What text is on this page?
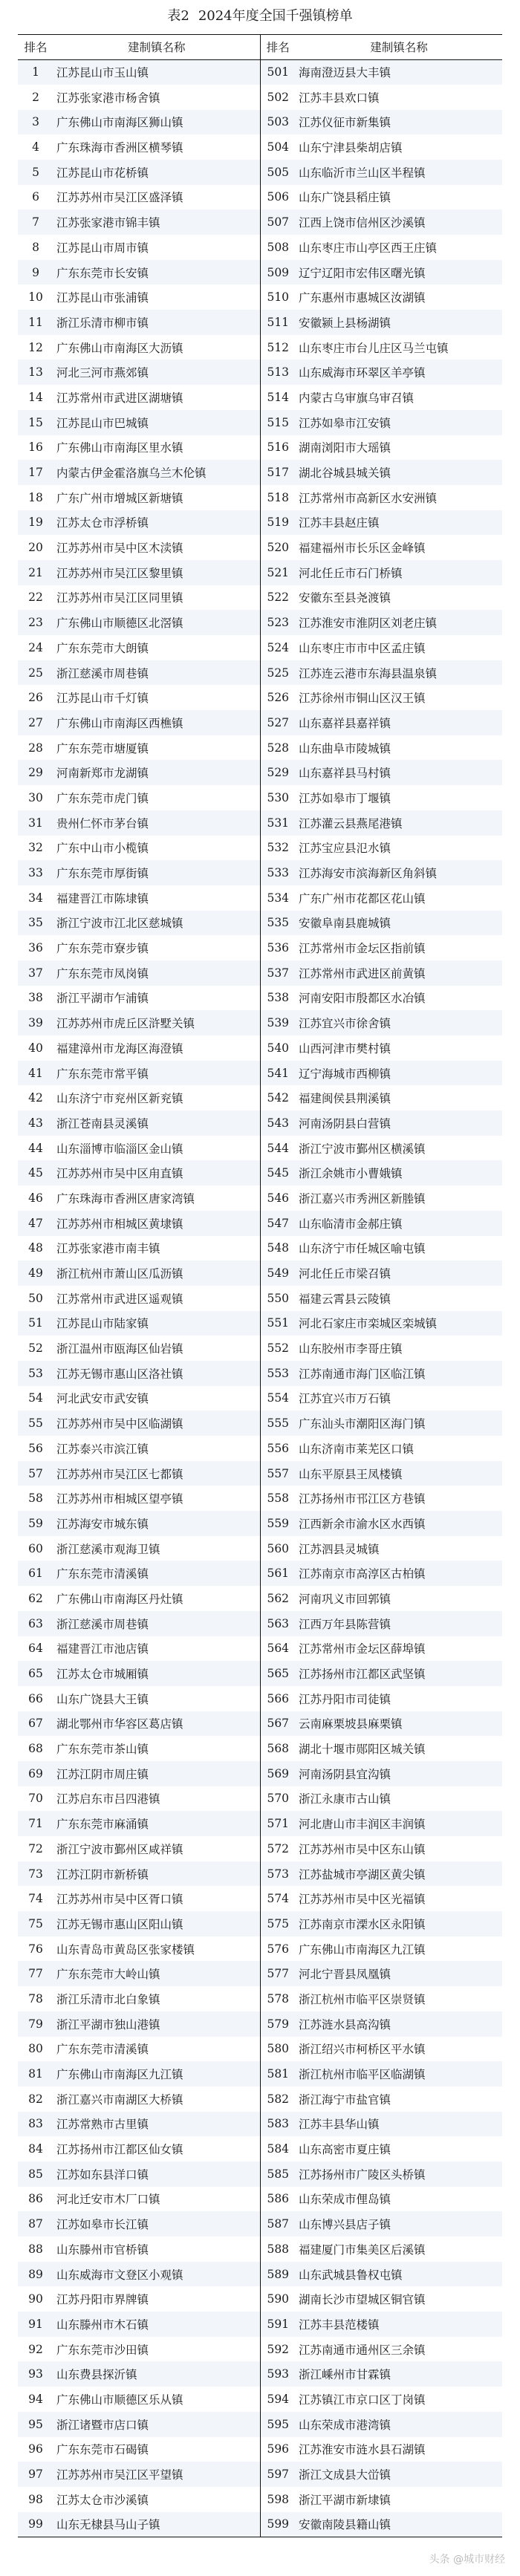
表2 2024年度全国千强镇榜单
排名	建制镇名称	排名	建制镇名称
1	江苏昆山市玉山镇	501	海南澄迈县大丰镇
2	江苏张家港市杨舍镇	502	江苏丰县欢口镇
3	广东佛山市南海区狮山镇	503	江苏仪征市新集镇
4	广东珠海市香洲区横琴镇	504	山东宁津县柴胡店镇
5	江苏昆山市花桥镇	505	山东临沂市兰山区半程镇
6	江苏苏州市吴江区盛泽镇	506	山东广饶县稻庄镇
7	江苏张家港市锦丰镇	507	江西上饶市信州区沙溪镇
8	江苏昆山市周市镇	508	山东枣庄市山亭区西王庄镇
9	广东东莞市长安镇	509	辽宁辽阳市宏伟区曙光镇
10	江苏昆山市张浦镇	510	广东惠州市惠城区汝湖镇
11	浙江乐清市柳市镇	511	安徽颍上县杨湖镇
12	广东佛山市南海区大沥镇	512	山东枣庄市台儿庄区马兰屯镇
13	河北三河市燕郊镇	513	山东威海市环翠区羊亭镇
14	江苏常州市武进区湖塘镇	514	内蒙古乌审旗乌审召镇
15	江苏昆山市巴城镇	515	江苏如皋市江安镇
16	广东佛山市南海区里水镇	516	湖南浏阳市大瑶镇
17	内蒙古伊金霍洛旗乌兰木伦镇	517	湖北谷城县城关镇
18	广东广州市增城区新塘镇	518	江苏常州市高新区水安洲镇
19	江苏太仓市浮桥镇	519	江苏丰县赵庄镇
20	江苏苏州市吴中区木渎镇	520	福建福州市长乐区金峰镇
21	江苏苏州市吴江区黎里镇	521	河北任丘市石门桥镇
22	江苏苏州市吴江区同里镇	522	安徽东至县尧渡镇
23	广东佛山市顺德区北滘镇	523	江苏淮安市淮阴区刘老庄镇
24	广东东莞市大朗镇	524	山东枣庄市市中区孟庄镇
25	浙江慈溪市周巷镇	525	江苏连云港市东海县温泉镇
26	江苏昆山市千灯镇	526	江苏徐州市铜山区汉王镇
27	广东佛山市南海区西樵镇	527	山东嘉祥县嘉祥镇
28	广东东莞市塘厦镇	528	山东曲阜市陵城镇
29	河南新郑市龙湖镇	529	山东嘉祥县马村镇
30	广东东莞市虎门镇	530	江苏如皋市丁堰镇
31	贵州仁怀市茅台镇	531	江苏灌云县燕尾港镇
32	广东中山市小榄镇	532	江苏宝应县氾水镇
33	广东东莞市厚街镇	533	江苏海安市滨海新区角斜镇
34	福建晋江市陈埭镇	534	广东广州市花都区花山镇
35	浙江宁波市江北区慈城镇	535	安徽阜南县鹿城镇
36	广东东莞市寮步镇	536	江苏常州市金坛区指前镇
37	广东东莞市凤岗镇	537	江苏常州市武进区前黄镇
38	浙江平湖市乍浦镇	538	河南安阳市殷都区水冶镇
39	江苏苏州市虎丘区浒墅关镇	539	江苏宜兴市徐舍镇
40	福建漳州市龙海区海澄镇	540	山西河津市樊村镇
41	广东东莞市常平镇	541	辽宁海城市西柳镇
42	山东济宁市兖州区新兖镇	542	福建闽侯县荆溪镇
43	浙江苍南县灵溪镇	543	河南汤阴县白营镇
44	山东淄博市临淄区金山镇	544	浙江宁波市鄞州区横溪镇
45	江苏苏州市吴中区甪直镇	545	浙江余姚市小曹娥镇
46	广东珠海市香洲区唐家湾镇	546	浙江嘉兴市秀洲区新塍镇
47	江苏苏州市相城区黄埭镇	547	山东临清市金郝庄镇
48	江苏张家港市南丰镇	548	山东济宁市任城区喻屯镇
49	浙江杭州市萧山区瓜沥镇	549	河北任丘市梁召镇
50	江苏常州市武进区遥观镇	550	福建云霄县云陵镇
51	江苏昆山市陆家镇	551	河北石家庄市栾城区栾城镇
52	浙江温州市瓯海区仙岩镇	552	山东胶州市李哥庄镇
53	江苏无锡市惠山区洛社镇	553	江苏南通市海门区临江镇
54	河北武安市武安镇	554	江苏宜兴市万石镇
55	江苏苏州市吴中区临湖镇	555	广东汕头市潮阳区海门镇
56	江苏泰兴市滨江镇	556	山东济南市莱芜区口镇
57	江苏苏州市吴江区七都镇	557	山东平原县王凤楼镇
58	江苏苏州市相城区望亭镇	558	江苏扬州市邗江区方巷镇
59	江苏海安市城东镇	559	江西新余市渝水区水西镇
60	浙江慈溪市观海卫镇	560	江苏泗县灵城镇
61	广东东莞市清溪镇	561	江苏南京市高淳区古柏镇
62	广东佛山市南海区丹灶镇	562	河南巩义市回郭镇
63	浙江慈溪市周巷镇	563	江西万年县陈营镇
64	福建晋江市池店镇	564	江苏常州市金坛区薛埠镇
65	江苏太仓市城厢镇	565	江苏扬州市江都区武坚镇
66	山东广饶县大王镇	566	江苏丹阳市司徒镇
67	湖北鄂州市华容区葛店镇	567	云南麻栗坡县麻栗镇
68	广东东莞市茶山镇	568	湖北十堰市郧阳区城关镇
69	江苏江阴市周庄镇	569	河南汤阴县宜沟镇
70	江苏启东市吕四港镇	570	浙江永康市古山镇
71	广东东莞市麻涌镇	571	河北唐山市丰润区丰润镇
72	浙江宁波市鄞州区咸祥镇	572	江苏苏州市吴中区东山镇
73	江苏江阴市新桥镇	573	江苏盐城市亭湖区黄尖镇
74	江苏苏州市吴中区胥口镇	574	江苏苏州市吴中区光福镇
75	江苏无锡市惠山区阳山镇	575	江苏南京市溧水区永阳镇
76	山东青岛市黄岛区张家楼镇	576	广东佛山市南海区九江镇
77	广东东莞市大岭山镇	577	河北宁晋县凤凰镇
78	浙江乐清市北白象镇	578	浙江杭州市临平区崇贤镇
79	浙江平湖市独山港镇	579	江苏涟水县高沟镇
80	广东东莞市清溪镇	580	浙江绍兴市柯桥区平水镇
81	广东佛山市南海区九江镇	581	浙江杭州市临平区临湖镇
82	浙江嘉兴市南湖区大桥镇	582	浙江海宁市盐官镇
83	江苏常熟市古里镇	583	江苏丰县华山镇
84	江苏扬州市江都区仙女镇	584	山东高密市夏庄镇
85	江苏如东县洋口镇	585	江苏扬州市广陵区头桥镇
86	河北迁安市木厂口镇	586	山东荣成市俚岛镇
87	江苏如皋市长江镇	587	山东博兴县店子镇
88	山东滕州市官桥镇	588	福建厦门市集美区后溪镇
89	山东威海市文登区小观镇	589	山东武城县鲁权屯镇
90	江苏丹阳市界牌镇	590	湖南长沙市望城区铜官镇
91	山东滕州市木石镇	591	江苏丰县范楼镇
92	广东东莞市沙田镇	592	江苏南通市通州区三余镇
93	山东费县探沂镇	593	浙江嵊州市甘霖镇
94	广东佛山市顺德区乐从镇	594	江苏镇江市京口区丁岗镇
95	浙江诸暨市店口镇	595	山东荣成市港湾镇
96	广东东莞市石碣镇	596	江苏淮安市涟水县石湖镇
97	江苏苏州市吴江区平望镇	597	浙江文成县大峃镇
98	江苏太仓市沙溪镇	598	浙江平湖市新埭镇
99	山东无棣县马山子镇	599	安徽南陵县籍山镇
头条 @城市财经
